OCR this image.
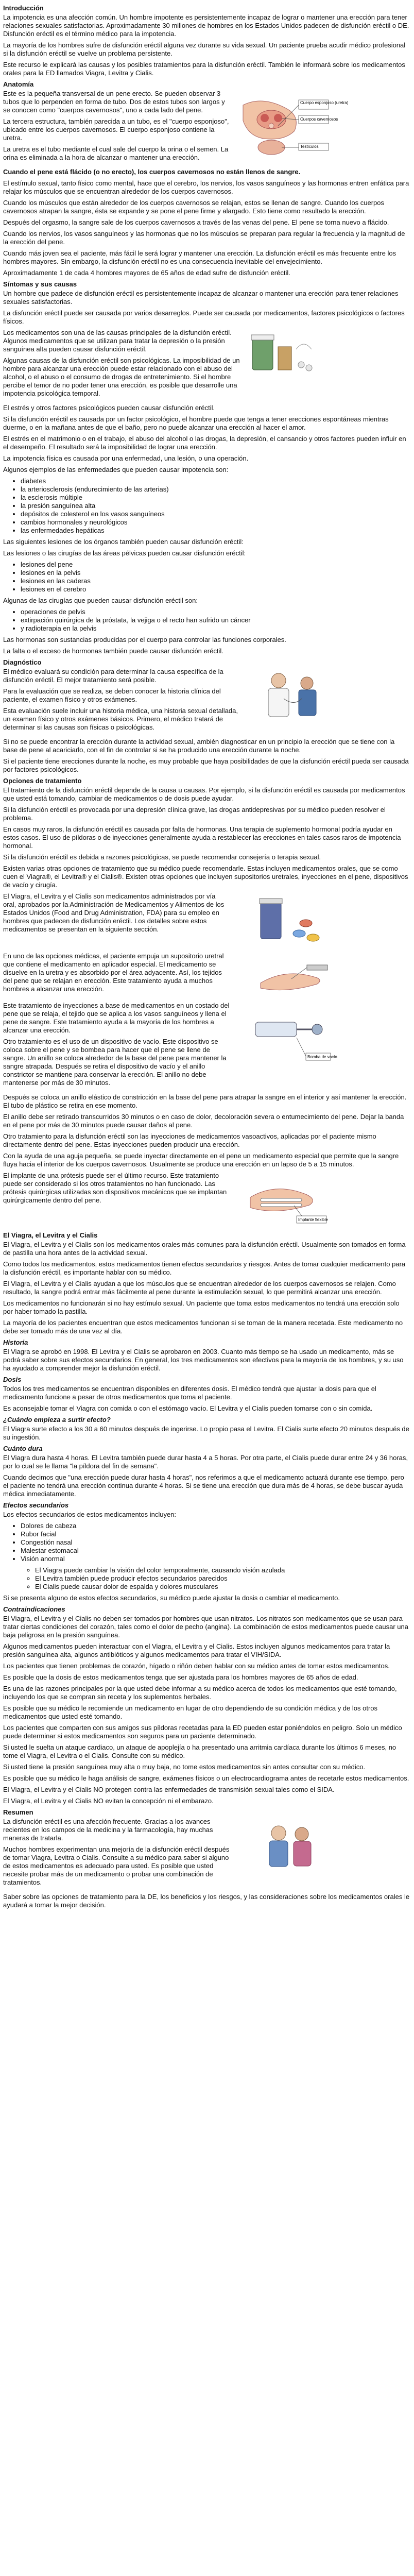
Introducción

La impotencia es una afección común. Un hombre impotente es persistentemente incapaz de lograr o mantener una erección para tener relaciones sexuales satisfactorias. Aproximadamente 30 millones de hombres en los Estados Unidos padecen de disfunción eréctil o DE. Disfunción eréctil es el término médico para la impotencia.

La mayoría de los hombres sufre de disfunción eréctil alguna vez durante su vida sexual. Un paciente prueba acudir médico profesional si la disfunción eréctil se vuelve un problema persistente.

Este recurso le explicará las causas y los posibles tratamientos para la disfunción eréctil. También le informará sobre los medicamentos orales para la ED llamados Viagra, Levitra y Cialis.

Anatomía

Este es la pequeña transversal de un pene erecto. Se pueden observar 3 tubos que lo perpenden en forma de tubo. Dos de estos tubos son largos y se conocen como "cuerpos cavernosos", uno a cada lado del pene.

La tercera estructura, también parecida a un tubo, es el "cuerpo esponjoso", ubicado entre los cuerpos cavernosos. El cuerpo esponjoso contiene la uretra.

La uretra es el tubo mediante el cual sale del cuerpo la orina o el semen. La orina es eliminada a la hora de alcanzar o mantener una erección.

Cuerpo esponjoso (uretra)
Cuerpos cavernosos
Testículos

Cuando el pene está flácido (o no erecto), los cuerpos cavernosos no están llenos de sangre.

El estímulo sexual, tanto físico como mental, hace que el cerebro, los nervios, los vasos sanguíneos y las hormonas entren enfática para relajar los músculos que se encuentran alrededor de los cuerpos cavernosos.

Cuando los músculos que están alrededor de los cuerpos cavernosos se relajan, estos se llenan de sangre. Cuando los cuerpos cavernosos atrapan la sangre, ésta se expande y se pone el pene firme y alargado. Esto tiene como resultado la erección.

Después del orgasmo, la sangre sale de los cuerpos cavernosos a través de las venas del pene. El pene se torna nuevo a flácido.

Cuando los nervios, los vasos sanguíneos y las hormonas que no los músculos se preparan para regular la frecuencia y la magnitud de la erección del pene.

Cuando más joven sea el paciente, más fácil le será lograr y mantener una erección. La disfunción eréctil es más frecuente entre los hombres mayores. Sin embargo, la disfunción eréctil no es una consecuencia inevitable del envejecimiento.

Aproximadamente 1 de cada 4 hombres mayores de 65 años de edad sufre de disfunción eréctil.

Síntomas y sus causas

Un hombre que padece de disfunción eréctil es persistentemente incapaz de alcanzar o mantener una erección para tener relaciones sexuales satisfactorias.

La disfunción eréctil puede ser causada por varios desarreglos. Puede ser causada por medicamentos, factores psicológicos o factores físicos.

Los medicamentos son una de las causas principales de la disfunción eréctil. Algunos medicamentos que se utilizan para tratar la depresión o la presión sanguínea alta pueden causar disfunción eréctil.

Algunas causas de la disfunción eréctil son psicológicas. La imposibilidad de un hombre para alcanzar una erección puede estar relacionado con el abuso del alcohol, o el abuso o el consumo de drogas de entretenimiento. Si el hombre percibe el temor de no poder tener una erección, es posible que desarrolle una impotencia psicológica temporal.

El estrés y otros factores psicológicos pueden causar disfunción eréctil.

Si la disfunción eréctil es causada por un factor psicológico, el hombre puede que tenga a tener erecciones espontáneas mientras duerme, o en la mañana antes de que el baño, pero no puede alcanzar una erección al hacer el amor.

El estrés en el matrimonio o en el trabajo, el abuso del alcohol o las drogas, la depresión, el cansancio y otros factores pueden influir en el desempeño. El resultado será la imposibilidad de lograr una erección.

La impotencia física es causada por una enfermedad, una lesión, o una operación.

Algunos ejemplos de las enfermedades que pueden causar impotencia son:

• diabetes
• la arteriosclerosis (endurecimiento de las arterias)
• la esclerosis múltiple
• la presión sanguínea alta
• depósitos de colesterol en los vasos sanguíneos
• cambios hormonales y neurológicos
• las enfermedades hepáticas

Las siguientes lesiones de los órganos también pueden causar disfunción eréctil:

Las lesiones o las cirugías de las áreas pélvicas pueden causar disfunción eréctil:

• lesiones del pene
• lesiones en la pelvis
• lesiones en las caderas
• lesiones en el cerebro

Algunas de las cirugías que pueden causar disfunción eréctil son:

• operaciones de pelvis
• extirpación quirúrgica de la próstata, la vejiga o el recto han sufrido un cáncer
• y radioterapia en la pelvis

Las hormonas son sustancias producidas por el cuerpo para controlar las funciones corporales.

La falta o el exceso de hormonas también puede causar disfunción eréctil.

Diagnóstico

El médico evaluará su condición para determinar la causa específica de la disfunción eréctil. El mejor tratamiento será posible.

Para la evaluación que se realiza, se deben conocer la historia clínica del paciente, el examen físico y otros exámenes.

Esta evaluación suele incluir una historia médica, una historia sexual detallada, un examen físico y otros exámenes básicos. Primero, el médico tratará de determinar si las causas son físicas o psicológicas.

Si no se puede encontrar la erección durante la actividad sexual, ambién diagnosticar en un principio la erección que se tiene con la base de pene al acariciarlo, con el fin de controlar si se ha producido una erección durante la noche.

Si el paciente tiene erecciones durante la noche, es muy probable que haya posibilidades de que la disfunción eréctil pueda ser causada por factores psicológicos.

Opciones de tratamiento

El tratamiento de la disfunción eréctil depende de la causa u causas. Por ejemplo, si la disfunción eréctil es causada por medicamentos que usted está tomando, cambiar de medicamentos o de dosis puede ayudar.

Si la disfunción eréctil es provocada por una depresión clínica grave, las drogas antidepresivas por su médico pueden resolver el problema.

En casos muy raros, la disfunción eréctil es causada por falta de hormonas. Una terapia de suplemento hormonal podría ayudar en estos casos. El uso de píldoras o de inyecciones generalmente ayuda a restablecer las erecciones en tales casos raros de impotencia hormonal.

Si la disfunción eréctil es debida a razones psicológicas, se puede recomendar consejería o terapia sexual.

Existen varias otras opciones de tratamiento que su médico puede recomendarle. Estas incluyen medicamentos orales, que se como cuen el Viagra®, el Levitra® y el Cialis®. Existen otras opciones que incluyen supositorios uretrales, inyecciones en el pene, dispositivos de vacío y cirugía.

El Viagra, el Levitra y el Cialis son medicamentos administrados por vía oral, aprobados por la Administración de Medicamentos y Alimentos de los Estados Unidos (Food and Drug Administration, FDA) para su empleo en hombres que padecen de disfunción eréctil. Los detalles sobre estos medicamentos se presentan en la siguiente sección.

En uno de las opciones médicas, el paciente empuja un supositorio uretral que contiene el medicamento en aplicador especial. El medicamento se disuelve en la uretra y es absorbido por el área adyacente. Así, los tejidos del pene que se relajan en erección. Este tratamiento ayuda a muchos hombres a alcanzar una erección.

Este tratamiento de inyecciones a base de medicamentos en un costado del pene que se relaja, el tejido que se aplica a los vasos sanguíneos y llena el pene de sangre. Este tratamiento ayuda a la mayoría de los hombres a alcanzar una erección.

Otro tratamiento es el uso de un dispositivo de vacío. Este dispositivo se coloca sobre el pene y se bombea para hacer que el pene se llene de sangre. Un anillo se coloca alrededor de la base del pene para mantener la sangre atrapada. Después se retira el dispositivo de vacío y el anillo constrictor se mantiene para conservar la erección. El anillo no debe mantenerse por más de 30 minutos.

Bomba de vacío

Después se coloca un anillo elástico de constricción en la base del pene para atrapar la sangre en el interior y así mantener la erección. El tubo de plástico se retira en ese momento.

El anillo debe ser retirado transcurridos 30 minutos o en caso de dolor, decoloración severa o entumecimiento del pene. Dejar la banda en el pene por más de 30 minutos puede causar daños al pene.

Otro tratamiento para la disfunción eréctil son las inyecciones de medicamentos vasoactivos, aplicadas por el paciente mismo directamente dentro del pene. Estas inyecciones pueden producir una erección.

Con la ayuda de una aguja pequeña, se puede inyectar directamente en el pene un medicamento especial que permite que la sangre fluya hacia el interior de los cuerpos cavernosos. Usualmente se produce una erección en un lapso de 5 a 15 minutos.

El implante de una prótesis puede ser el último recurso. Este tratamiento puede ser considerado si los otros tratamientos no han funcionado. Las prótesis quirúrgicas utilizadas son dispositivos mecánicos que se implantan quirúrgicamente dentro del pene.

Implante flexible
El Viagra, el Levitra y el Cialis

El Viagra, el Levitra y el Cialis son los medicamentos orales más comunes para la disfunción eréctil. Usualmente son tomados en forma de pastilla una hora antes de la actividad sexual.

Como todos los medicamentos, estos medicamentos tienen efectos secundarios y riesgos. Antes de tomar cualquier medicamento para la disfunción eréctil, es importante hablar con su médico.

El Viagra, el Levitra y el Cialis ayudan a que los músculos que se encuentran alrededor de los cuerpos cavernosos se relajen. Como resultado, la sangre podrá entrar más fácilmente al pene durante la estimulación sexual, lo que permitirá alcanzar una erección.

Los medicamentos no funcionarán si no hay estímulo sexual. Un paciente que toma estos medicamentos no tendrá una erección solo por haber tomado la pastilla.

La mayoría de los pacientes encuentran que estos medicamentos funcionan si se toman de la manera recetada. Este medicamento no debe ser tomado más de una vez al día.

Historia

El Viagra se aprobó en 1998. El Levitra y el Cialis se aprobaron en 2003. Cuanto más tiempo se ha usado un medicamento, más se podrá saber sobre sus efectos secundarios. En general, los tres medicamentos son efectivos para la mayoría de los hombres, y su uso ha ayudado a comprender mejor la disfunción eréctil.

Dosis

Todos los tres medicamentos se encuentran disponibles en diferentes dosis. El médico tendrá que ajustar la dosis para que el medicamento funcione a pesar de otros medicamentos que toma el paciente.

Es aconsejable tomar el Viagra con comida o con el estómago vacío. El Levitra y el Cialis pueden tomarse con o sin comida.

¿Cuándo empieza a surtir efecto?

El Viagra surte efecto a los 30 a 60 minutos después de ingerirse. Lo propio pasa el Levitra. El Cialis surte efecto 20 minutos después de su ingestión.

Cuánto dura

El Viagra dura hasta 4 horas. El Levitra también puede durar hasta 4 a 5 horas. Por otra parte, el Cialis puede durar entre 24 y 36 horas, por lo cual se le llama "la píldora del fin de semana".

Cuando decimos que "una erección puede durar hasta 4 horas", nos referimos a que el medicamento actuará durante ese tiempo, pero el paciente no tendrá una erección continua durante 4 horas. Si se tiene una erección que dura más de 4 horas, se debe buscar ayuda médica inmediatamente.

Efectos secundarios

Los efectos secundarios de estos medicamentos incluyen:

• Dolores de cabeza
• Rubor facial
• Congestión nasal
• Malestar estomacal
• Visión anormal
◦ El Viagra puede cambiar la visión del color temporalmente, causando visión azulada
◦ El Levitra también puede producir efectos secundarios parecidos
◦ El Cialis puede causar dolor de espalda y dolores musculares

Si se presenta alguno de estos efectos secundarios, su médico puede ajustar la dosis o cambiar el medicamento.

Contraindicaciones

El Viagra, el Levitra y el Cialis no deben ser tomados por hombres que usan nitratos. Los nitratos son medicamentos que se usan para tratar ciertas condiciones del corazón, tales como el dolor de pecho (angina). La combinación de estos medicamentos puede causar una baja peligrosa en la presión sanguínea.

Algunos medicamentos pueden interactuar con el Viagra, el Levitra y el Cialis. Estos incluyen algunos medicamentos para tratar la presión sanguínea alta, algunos antibióticos y algunos medicamentos para tratar el VIH/SIDA.

Los pacientes que tienen problemas de corazón, hígado o riñón deben hablar con su médico antes de tomar estos medicamentos.

Es posible que la dosis de estos medicamentos tenga que ser ajustada para los hombres mayores de 65 años de edad.

Es una de las razones principales por la que usted debe informar a su médico acerca de todos los medicamentos que esté tomando, incluyendo los que se compran sin receta y los suplementos herbales.

Es posible que su médico le recomiende un medicamento en lugar de otro dependiendo de su condición médica y de los otros medicamentos que usted esté tomando.

Los pacientes que comparten con sus amigos sus píldoras recetadas para la ED pueden estar poniéndolos en peligro. Solo un médico puede determinar si estos medicamentos son seguros para un paciente determinado.

Si usted le suelta un ataque cardiaco, un ataque de apoplejía o ha presentado una arritmia cardíaca durante los últimos 6 meses, no tome el Viagra, el Levitra o el Cialis. Consulte con su médico.

Si usted tiene la presión sanguínea muy alta o muy baja, no tome estos medicamentos sin antes consultar con su médico.

Es posible que su médico le haga análisis de sangre, exámenes físicos o un electrocardiograma antes de recetarle estos medicamentos.

El Viagra, el Levitra y el Cialis NO protegen contra las enfermedades de transmisión sexual tales como el SIDA.

El Viagra, el Levitra y el Cialis NO evitan la concepción ni el embarazo.

Resumen

La disfunción eréctil es una afección frecuente. Gracias a los avances recientes en los campos de la medicina y la farmacología, hay muchas maneras de tratarla.

Muchos hombres experimentan una mejoría de la disfunción eréctil después de tomar Viagra, Levitra o Cialis. Consulte a su médico para saber si alguno de estos medicamentos es adecuado para usted. Es posible que usted necesite probar más de un medicamento o probar una combinación de tratamientos.

Saber sobre las opciones de tratamiento para la DE, los beneficios y los riesgos, y las consideraciones sobre los medicamentos orales le ayudará a tomar la mejor decisión.
